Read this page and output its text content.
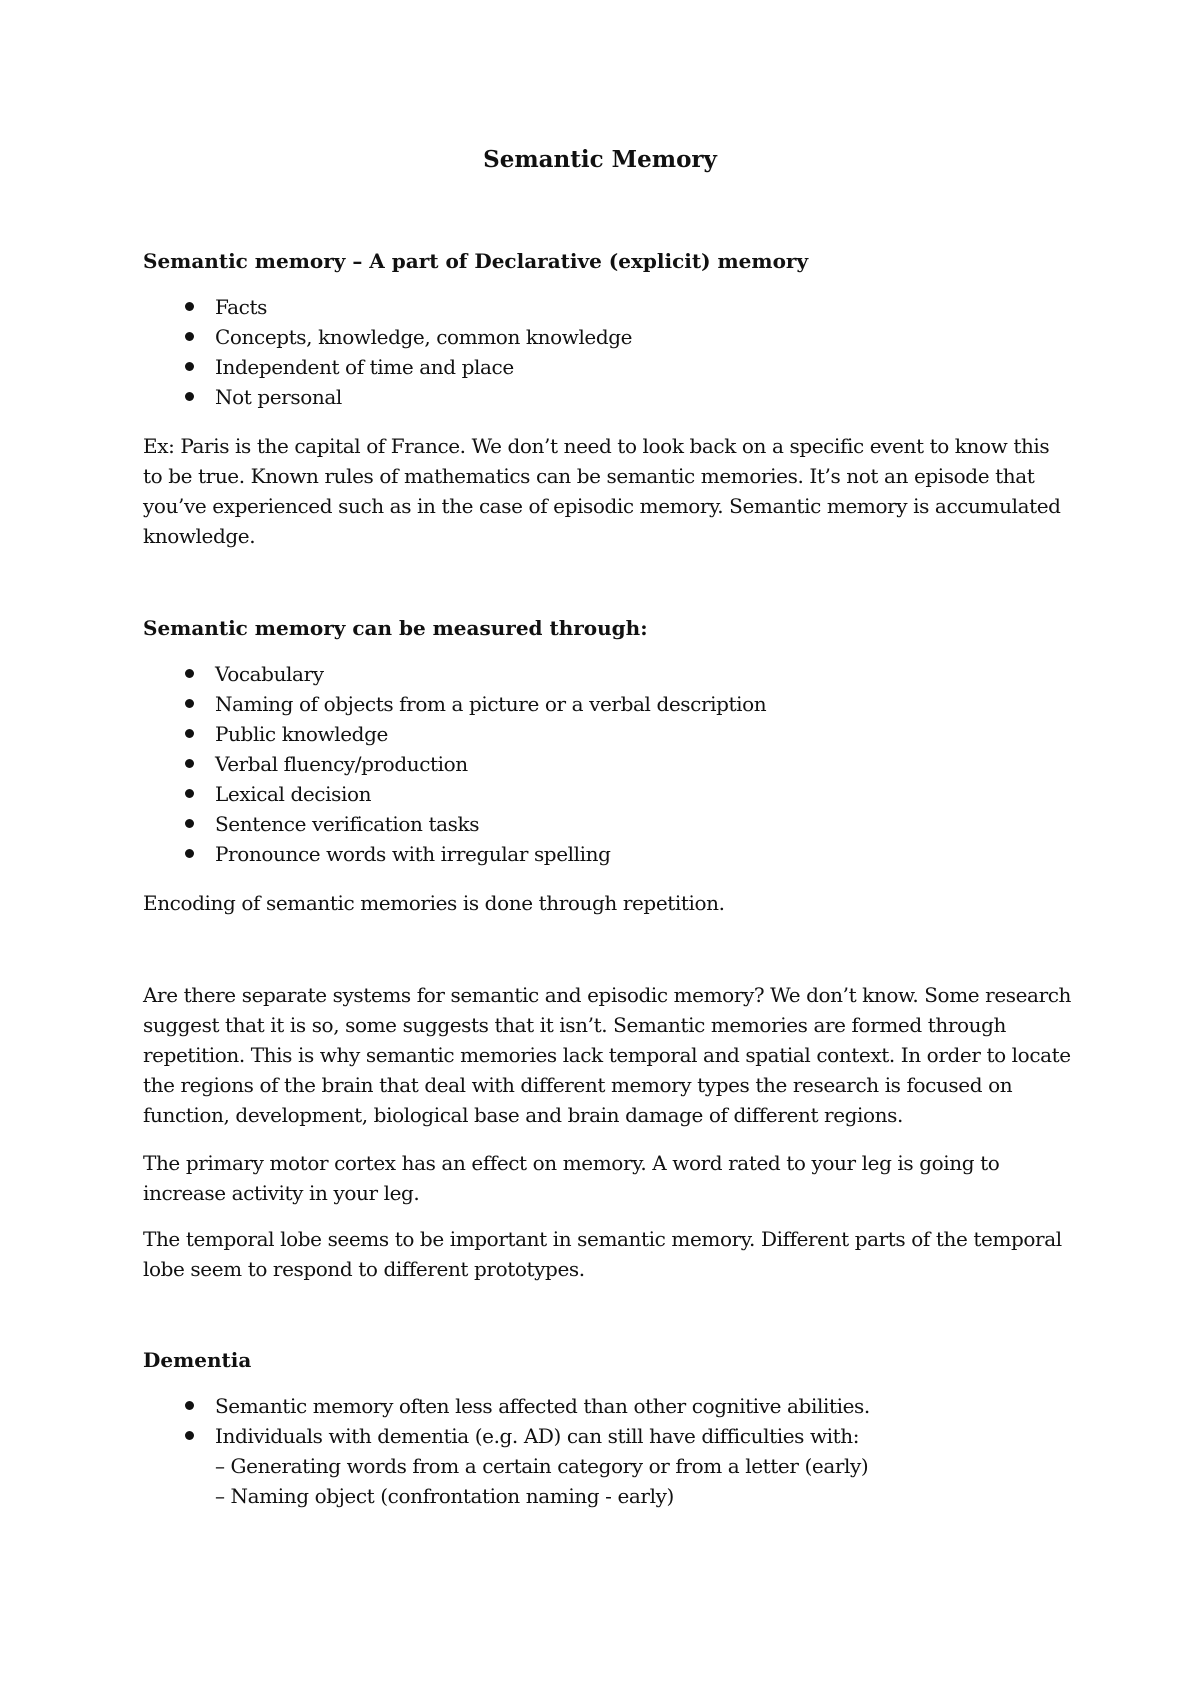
Semantic Memory
Semantic memory – A part of Declarative (explicit) memory
Facts
Concepts, knowledge, common knowledge
Independent of time and place
Not personal
Ex: Paris is the capital of France. We don’t need to look back on a specific event to know this to be true. Known rules of mathematics can be semantic memories. It’s not an episode that you’ve experienced such as in the case of episodic memory. Semantic memory is accumulated knowledge.
Semantic memory can be measured through:
Vocabulary
Naming of objects from a picture or a verbal description
Public knowledge
Verbal fluency/production
Lexical decision
Sentence verification tasks
Pronounce words with irregular spelling
Encoding of semantic memories is done through repetition.
Are there separate systems for semantic and episodic memory? We don’t know. Some research suggest that it is so, some suggests that it isn’t. Semantic memories are formed through repetition. This is why semantic memories lack temporal and spatial context. In order to locate the regions of the brain that deal with different memory types the research is focused on function, development, biological base and brain damage of different regions.
The primary motor cortex has an effect on memory. A word rated to your leg is going to increase activity in your leg.
The temporal lobe seems to be important in semantic memory. Different parts of the temporal lobe seem to respond to different prototypes.
Dementia
Semantic memory often less affected than other cognitive abilities.
Individuals with dementia (e.g. AD) can still have difficulties with:
– Generating words from a certain category or from a letter (early)
– Naming object (confrontation naming - early)
